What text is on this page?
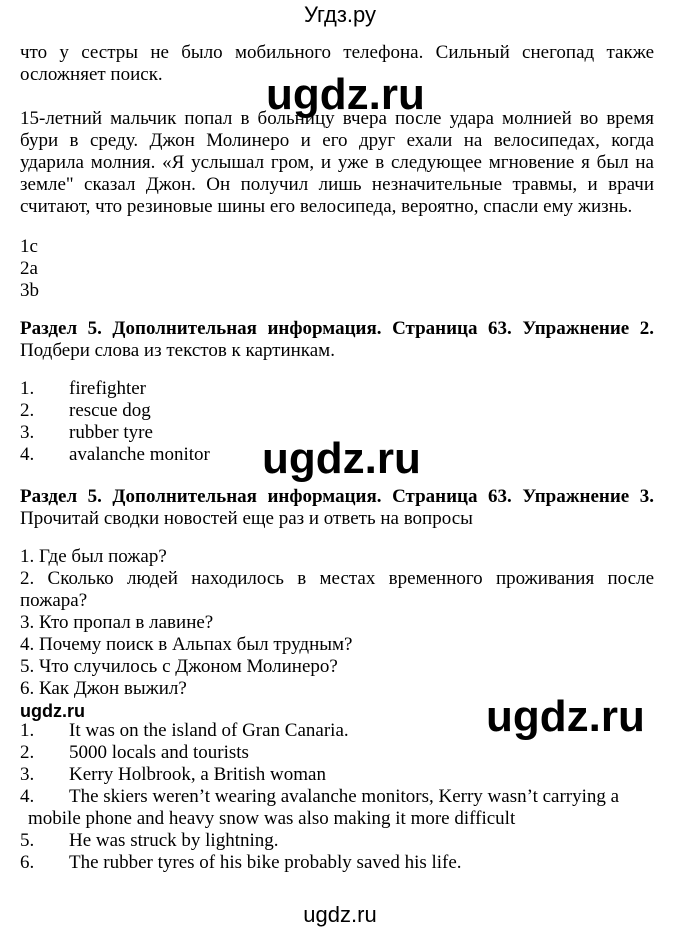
Угдз.ру
что у сестры не было мобильного телефона. Сильный снегопад также
осложняет поиск.	ugdz.ru
15-летний мальчик попал в больницу вчера после удара молнией во время
бури в среду. Джон Молинеро и его друг ехали на велосипедах, когда
ударила молния. «Я услышал гром, и уже в следующее мгновение я был на
земле" сказал Джон. Он получил лишь незначительные травмы, и врачи
считают, что резиновые шины его велосипеда, вероятно, спасли ему жизнь.
1c
2a
3b
Раздел 5. Дополнительная информация. Страница 63. Упражнение 2.
Подбери слова из текстов к картинкам.
1. firefighter
2. rescue dog
3. rubber tyre
4. avalanche monitor ugdz.ru
Раздел 5. Дополнительная информация. Страница 63. Упражнение 3.
Прочитай сводки новостей еще раз и ответь на вопросы
1. Где был пожар?
2. Сколько людей находилось в местах временного проживания после
пожара?
3. Кто пропал в лавине?
4. Почему поиск в Альпах был трудным?
5. Что случилось с Джоном Молинеро?
6. Как Джон выжил?
ugdz.ru	ugdz.ru
1. It was on the island of Gran Canaria.
2. 5000 locals and tourists
3. Kerry Holbrook, a British woman
4. The skiers weren’t wearing avalanche monitors, Kerry wasn’t carrying a
mobile phone and heavy snow was also making it more difficult
5. He was struck by lightning.
6. The rubber tyres of his bike probably saved his life.
ugdz.ru
